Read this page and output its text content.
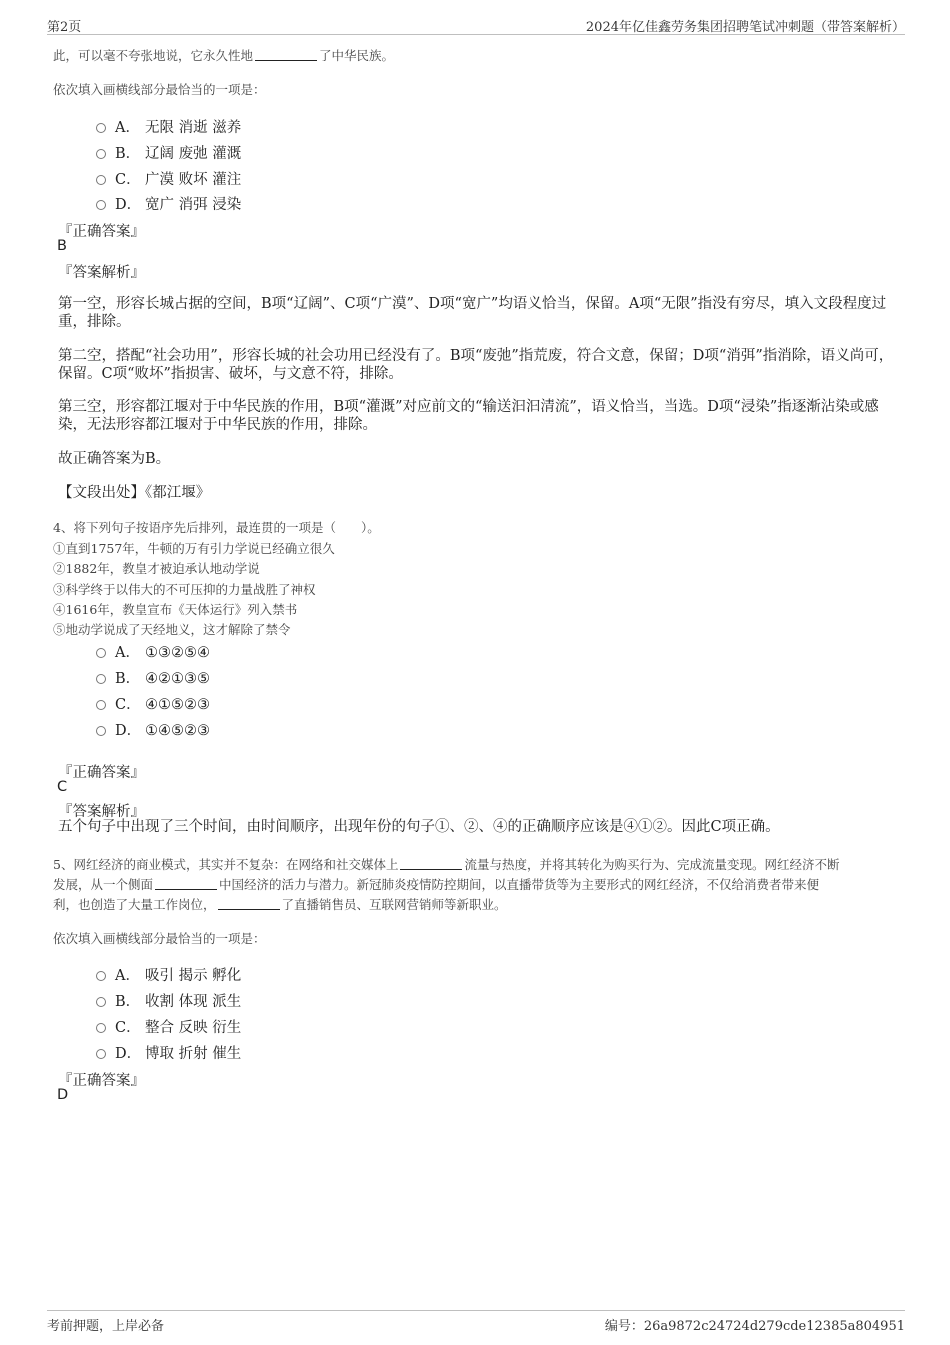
第2页	2024年亿佳鑫劳务集团招聘笔试冲刺题（带答案解析）
此，可以毫不夸张地说，它永久性地	了中华民族。
依次填入画横线部分最恰当的一项是：
A． 无限 消逝 滋养
B． 辽阔 废弛 灌溉
C． 广漠 败坏 灌注
D． 宽广 消弭 浸染
『正确答案』
B
『答案解析』
第一空，形容长城占据的空间，B项“辽阔”、C项“广漠”、D项“宽广”均语义恰当，保留。A项“无限”指没有穷尽，填入文段程度过重，排除。
第二空，搭配“社会功用”，形容长城的社会功用已经没有了。B项“废弛”指荒废，符合文意，保留；D项“消弭”指消除，语义尚可，保留。C项“败坏”指损害、破坏，与文意不符，排除。
第三空，形容都江堰对于中华民族的作用，B项“灌溉”对应前文的“输送汩汩清流”，语义恰当，当选。D项“浸染”指逐渐沾染或感染，无法形容都江堰对于中华民族的作用，排除。
故正确答案为B。
【文段出处】《都江堰》
4、将下列句子按语序先后排列，最连贯的一项是（　　）。
①直到1757年，牛顿的万有引力学说已经确立很久
②1882年，教皇才被迫承认地动学说
③科学终于以伟大的不可压抑的力量战胜了神权
④1616年，教皇宣布《天体运行》列入禁书
⑤地动学说成了天经地义，这才解除了禁令
A． ①③②⑤④
B． ④②①③⑤
C． ④①⑤②③
D． ①④⑤②③
『正确答案』
C
『答案解析』
五个句子中出现了三个时间，由时间顺序，出现年份的句子①、②、④的正确顺序应该是④①②。因此C项正确。
5、网红经济的商业模式，其实并不复杂：在网络和社交媒体上	流量与热度，并将其转化为购买行为、完成流量变现。网红经济不断
发展，从一个侧面	中国经济的活力与潜力。新冠肺炎疫情防控期间，以直播带货等为主要形式的网红经济，不仅给消费者带来便
利，也创造了大量工作岗位，	了直播销售员、互联网营销师等新职业。
依次填入画横线部分最恰当的一项是：
A． 吸引 揭示 孵化
B． 收割 体现 派生
C． 整合 反映 衍生
D． 博取 折射 催生
『正确答案』
D
考前押题，上岸必备	编号：26a9872c24724d279cde12385a804951
